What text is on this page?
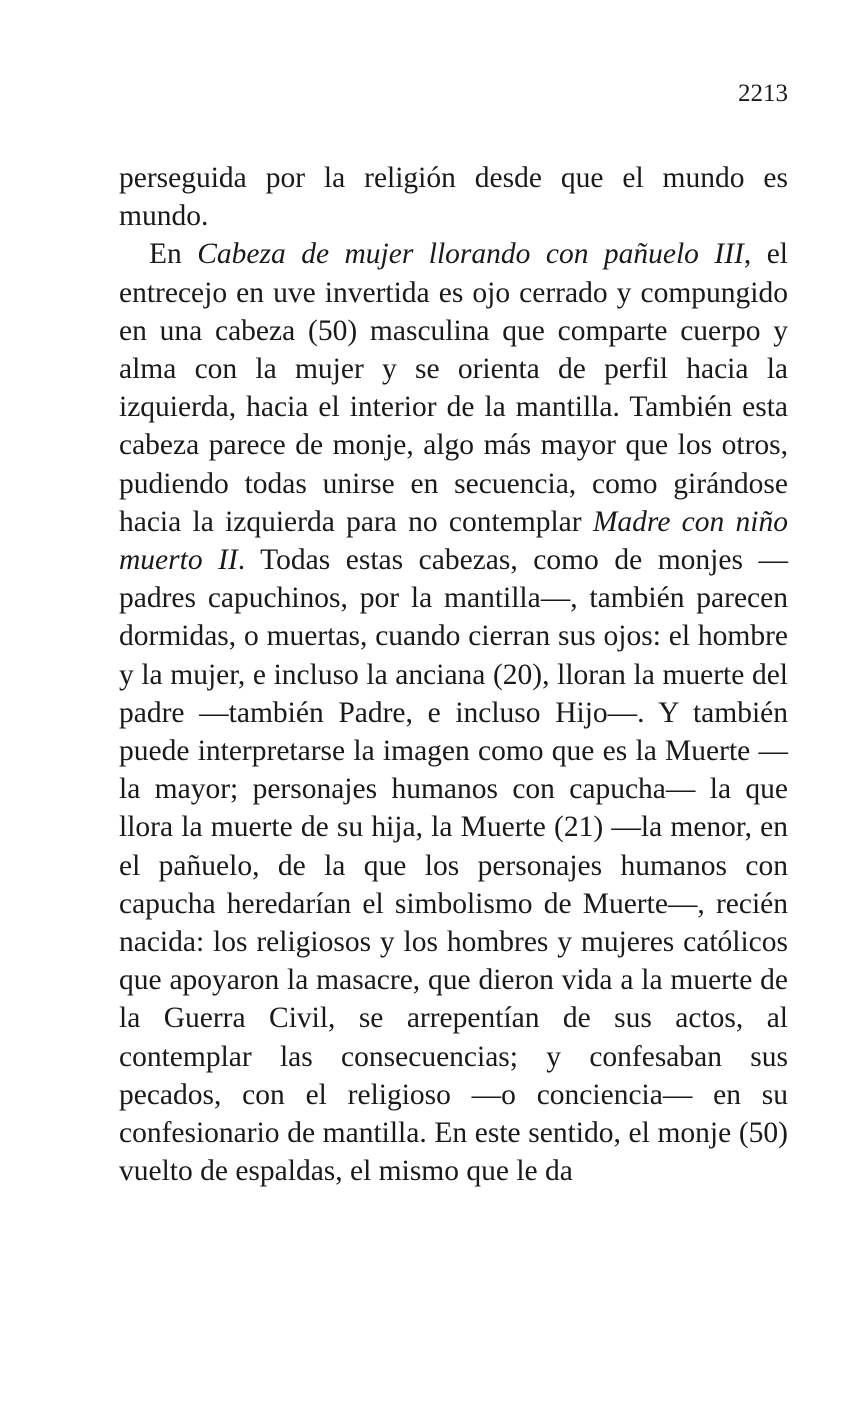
2213

perseguida por la religión desde que el mundo es mundo.

En Cabeza de mujer llorando con pañuelo III, el entrecejo en uve invertida es ojo cerrado y compungido en una cabeza (50) masculina que comparte cuerpo y alma con la mujer y se orienta de perfil hacia la izquierda, hacia el interior de la mantilla. También esta cabeza parece de monje, algo más mayor que los otros, pudiendo todas unirse en secuencia, como girándose hacia la izquierda para no contemplar Madre con niño muerto II. Todas estas cabezas, como de monjes —padres capuchinos, por la mantilla—, también parecen dormidas, o muertas, cuando cierran sus ojos: el hombre y la mujer, e incluso la anciana (20), lloran la muerte del padre —también Padre, e incluso Hijo—. Y también puede interpretarse la imagen como que es la Muerte —la mayor; personajes humanos con capucha— la que llora la muerte de su hija, la Muerte (21) —la menor, en el pañuelo, de la que los personajes humanos con capucha heredarían el simbolismo de Muerte—, recién nacida: los religiosos y los hombres y mujeres católicos que apoyaron la masacre, que dieron vida a la muerte de la Guerra Civil, se arrepentían de sus actos, al contemplar las consecuencias; y confesaban sus pecados, con el religioso —o conciencia— en su confesionario de mantilla. En este sentido, el monje (50) vuelto de espaldas, el mismo que le da
